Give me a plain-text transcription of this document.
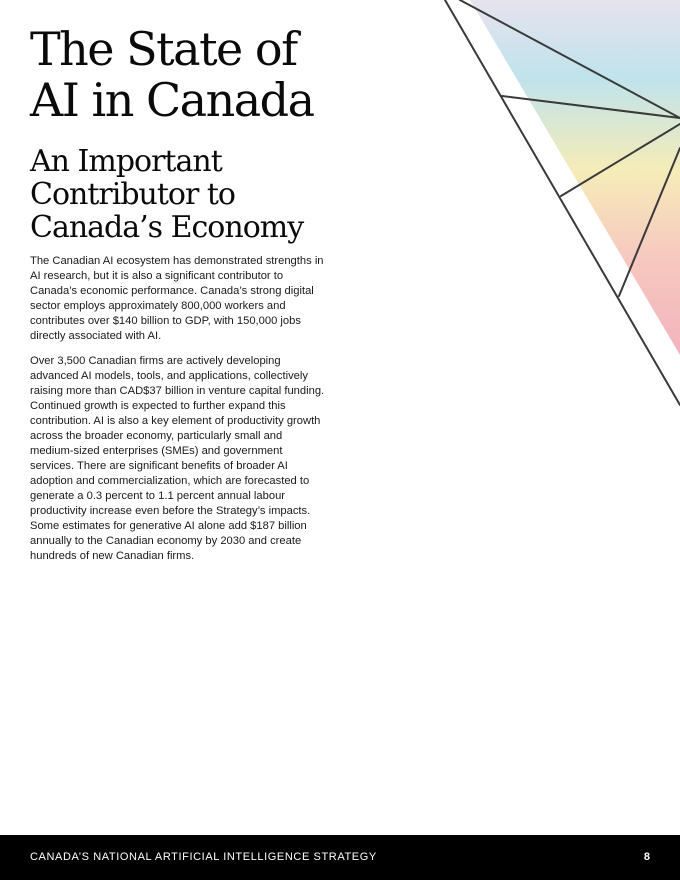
The State of
AI in Canada
An Important
Contributor to
Canada’s Economy

The Canadian AI ecosystem has demonstrated strengths in AI research, but it is also a significant contributor to Canada’s economic performance. Canada’s strong digital sector employs approximately 800,000 workers and contributes over $140 billion to GDP, with 150,000 jobs directly associated with AI.

Over 3,500 Canadian firms are actively developing advanced AI models, tools, and applications, collectively raising more than CAD$37 billion in venture capital funding. Continued growth is expected to further expand this contribution. AI is also a key element of productivity growth across the broader economy, particularly small and medium-sized enterprises (SMEs) and government services. There are significant benefits of broader AI adoption and commercialization, which are forecasted to generate a 0.3 percent to 1.1 percent annual labour productivity increase even before the Strategy’s impacts. Some estimates for generative AI alone add $187 billion annually to the Canadian economy by 2030 and create hundreds of new Canadian firms.

CANADA’S NATIONAL ARTIFICIAL INTELLIGENCE STRATEGY	8
